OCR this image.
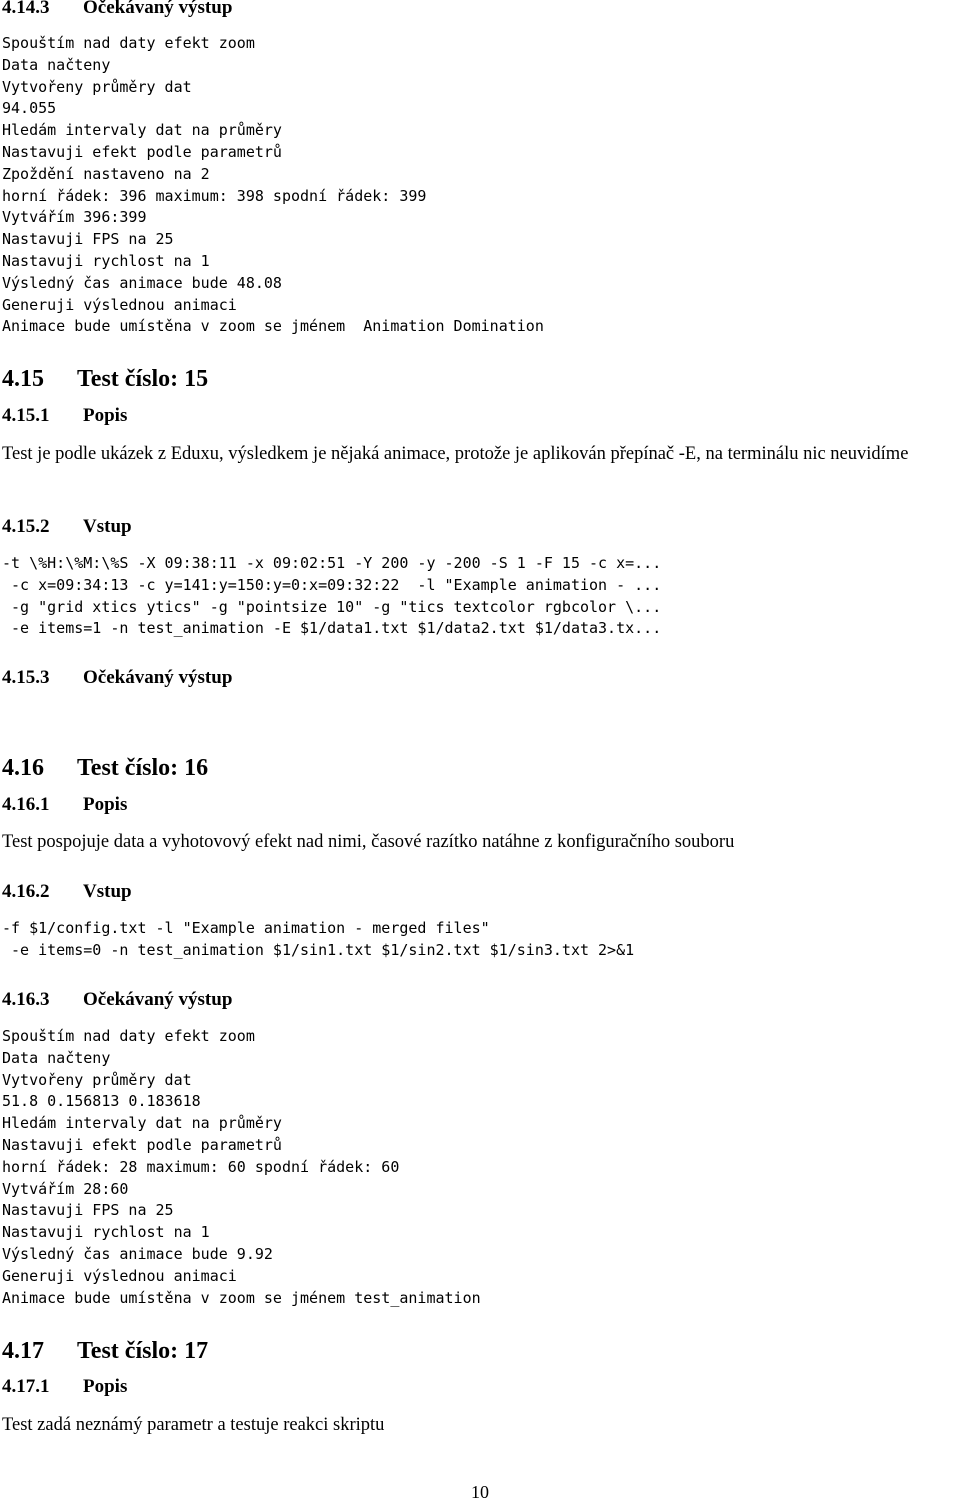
4.14.3 Očekávaný výstup
Spouštím nad daty efekt zoom
Data načteny
Vytvořeny průměry dat
94.055
Hledám intervaly dat na průměry
Nastavuji efekt podle parametrů
Zpoždění nastaveno na 2
horní řádek: 396 maximum: 398 spodní řádek: 399
Vytvářím 396:399
Nastavuji FPS na 25
Nastavuji rychlost na 1
Výsledný čas animace bude 48.08
Generuji výslednou animaci
Animace bude umístěna v zoom se jménem  Animation Domination
4.15 Test číslo: 15
4.15.1 Popis

Test je podle ukázek z Eduxu, výsledkem je nějaká animace, protože je aplikován přepínač -E, na terminálu nic neuvidíme

4.15.2 Vstup
-t \%H:\%M:\%S -X 09:38:11 -x 09:02:51 -Y 200 -y -200 -S 1 -F 15 -c x=...
-c x=09:34:13 -c y=141:y=150:y=0:x=09:32:22  -l "Example animation - ...
-g "grid xtics ytics" -g "pointsize 10" -g "tics textcolor rgbcolor \...
-e items=1 -n test_animation -E $1/data1.txt $1/data2.txt $1/data3.tx...
4.15.3 Očekávaný výstup
4.16 Test číslo: 16
4.16.1 Popis

Test pospojuje data a vyhotovový efekt nad nimi, časové razítko natáhne z konfiguračního souboru

4.16.2 Vstup
-f $1/config.txt -l "Example animation - merged files"
-e items=0 -n test_animation $1/sin1.txt $1/sin2.txt $1/sin3.txt 2>&1
4.16.3 Očekávaný výstup
Spouštím nad daty efekt zoom
Data načteny
Vytvořeny průměry dat
51.8 0.156813 0.183618
Hledám intervaly dat na průměry
Nastavuji efekt podle parametrů
horní řádek: 28 maximum: 60 spodní řádek: 60
Vytvářím 28:60
Nastavuji FPS na 25
Nastavuji rychlost na 1
Výsledný čas animace bude 9.92
Generuji výslednou animaci
Animace bude umístěna v zoom se jménem test_animation
4.17 Test číslo: 17
4.17.1 Popis

Test zadá neznámý parametr a testuje reakci skriptu

10
